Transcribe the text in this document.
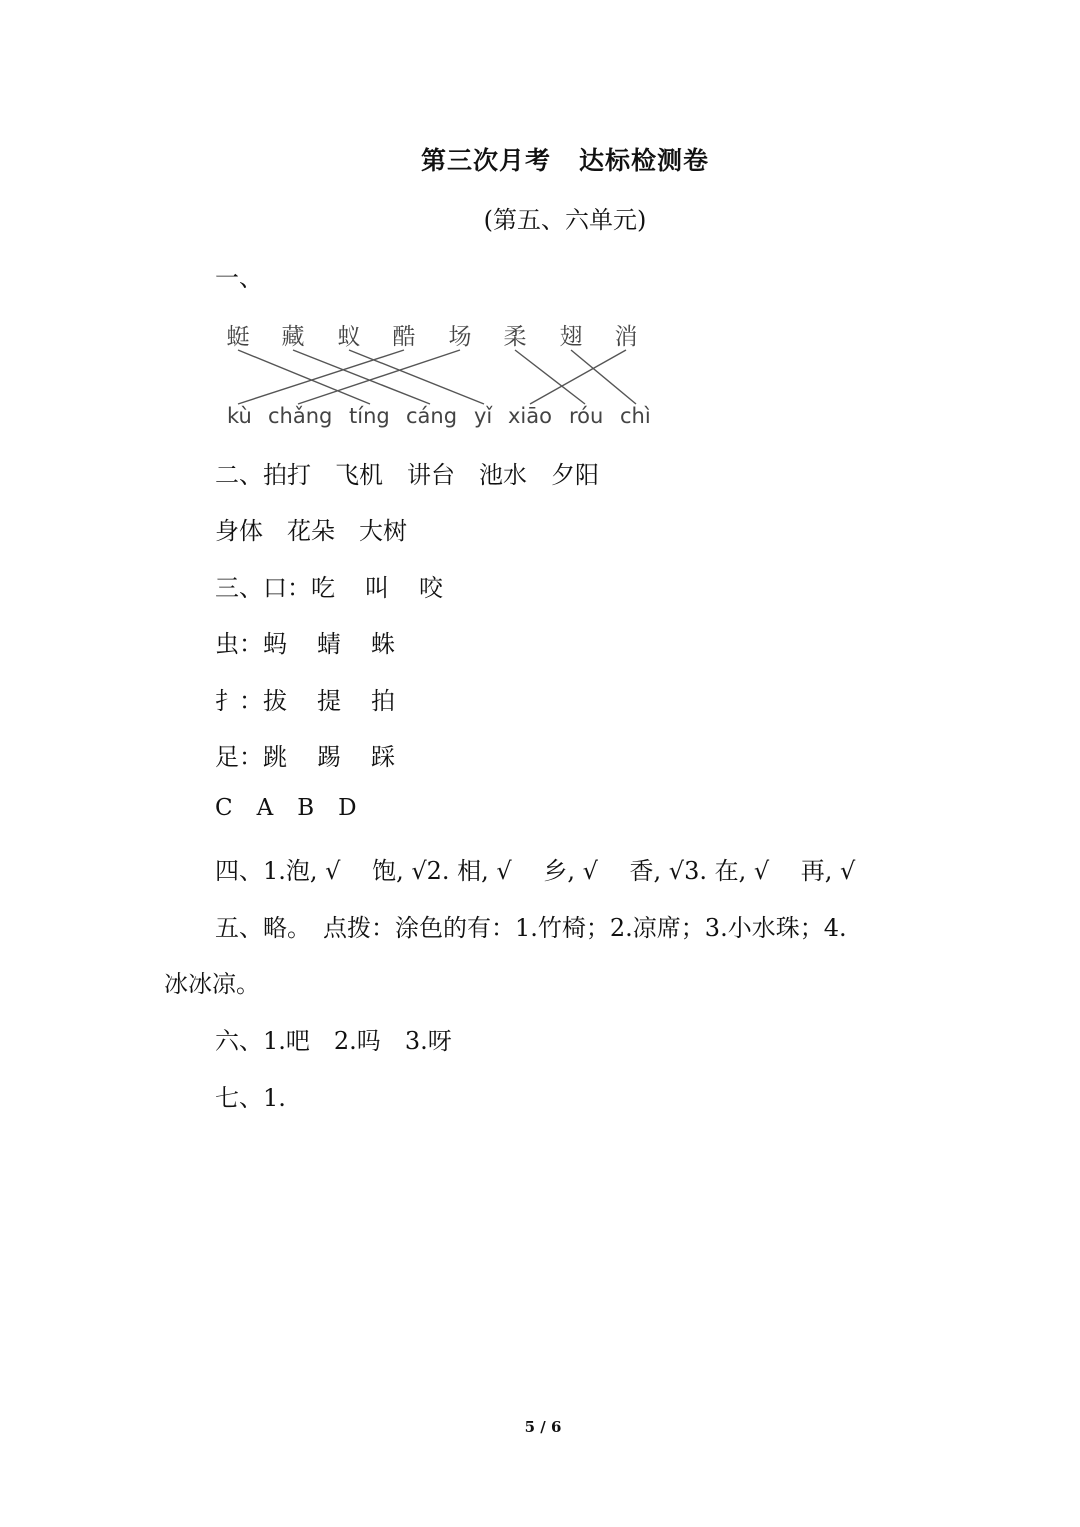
第三次月考 达标检测卷
(第五、六单元)
一、
蜓 藏 蚁 酷 场 柔 翅 消
kù chǎng tíng cáng yǐ xiāo róu chì
二、拍打 飞机 讲台 池水 夕阳
身体 花朵 大树
三、口：吃 叫 咬
虫：蚂 蜻 蛛
扌：拔 提 拍
足：跳 踢 踩
C A B D
四、1.泡, √　 饱, √2. 相, √　 乡, √　 香, √3. 在, √　 再, √
五、略。　点拨：涂色的有：1.竹椅；2.凉席；3.小水珠；4.
冰冰凉。
六、1.吧 2.吗 3.呀
七、1.
5 / 6
